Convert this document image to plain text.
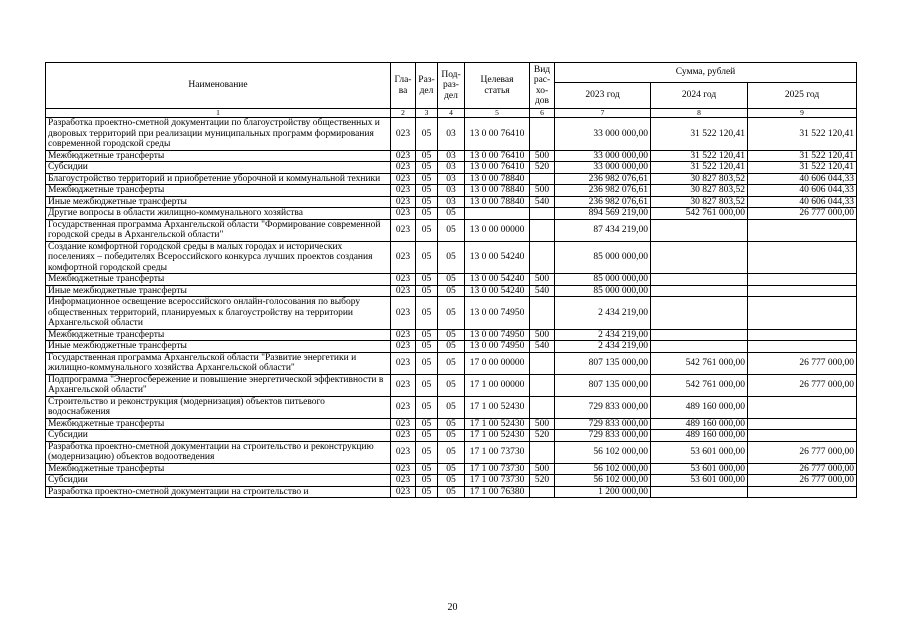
Наименование	Гла-ва	Раз-дел	Под-раз-дел	Целевая статья	Вид рас-хо-дов	Сумма, рублей		
						2023 год	2024 год	2025 год
1	2	3	4	5	6	7	8	9
Разработка проектно-сметной документации по благоустройству общественных и дворовых территорий при реализации муниципальных программ формирования современной городской среды	023	05	03	13 0 00 76410		33 000 000,00	31 522 120,41	31 522 120,41
Межбюджетные трансферты	023	05	03	13 0 00 76410	500	33 000 000,00	31 522 120,41	31 522 120,41
Субсидии	023	05	03	13 0 00 76410	520	33 000 000,00	31 522 120,41	31 522 120,41
Благоустройство территорий и приобретение уборочной и коммунальной техники	023	05	03	13 0 00 78840		236 982 076,61	30 827 803,52	40 606 044,33
Межбюджетные трансферты	023	05	03	13 0 00 78840	500	236 982 076,61	30 827 803,52	40 606 044,33
Иные межбюджетные трансферты	023	05	03	13 0 00 78840	540	236 982 076,61	30 827 803,52	40 606 044,33
Другие вопросы в области жилищно-коммунального хозяйства	023	05	05			894 569 219,00	542 761 000,00	26 777 000,00
Государственная программа Архангельской области "Формирование современной городской среды в Архангельской области"	023	05	05	13 0 00 00000		87 434 219,00		
Создание комфортной городской среды в малых городах и исторических поселениях – победителях Всероссийского конкурса лучших проектов создания комфортной городской среды	023	05	05	13 0 00 54240		85 000 000,00		
Межбюджетные трансферты	023	05	05	13 0 00 54240	500	85 000 000,00		
Иные межбюджетные трансферты	023	05	05	13 0 00 54240	540	85 000 000,00		
Информационное освещение всероссийского онлайн-голосования по выбору общественных территорий, планируемых к благоустройству на территории Архангельской области	023	05	05	13 0 00 74950		2 434 219,00		
Межбюджетные трансферты	023	05	05	13 0 00 74950	500	2 434 219,00		
Иные межбюджетные трансферты	023	05	05	13 0 00 74950	540	2 434 219,00		
Государственная программа Архангельской области "Развитие энергетики и жилищно-коммунального хозяйства Архангельской области"	023	05	05	17 0 00 00000		807 135 000,00	542 761 000,00	26 777 000,00
Подпрограмма "Энергосбережение и повышение энергетической эффективности в Архангельской области"	023	05	05	17 1 00 00000		807 135 000,00	542 761 000,00	26 777 000,00
Строительство и реконструкция (модернизация) объектов питьевого водоснабжения	023	05	05	17 1 00 52430		729 833 000,00	489 160 000,00	
Межбюджетные трансферты	023	05	05	17 1 00 52430	500	729 833 000,00	489 160 000,00	
Субсидии	023	05	05	17 1 00 52430	520	729 833 000,00	489 160 000,00	
Разработка проектно-сметной документации на строительство и реконструкцию (модернизацию) объектов водоотведения	023	05	05	17 1 00 73730		56 102 000,00	53 601 000,00	26 777 000,00
Межбюджетные трансферты	023	05	05	17 1 00 73730	500	56 102 000,00	53 601 000,00	26 777 000,00
Субсидии	023	05	05	17 1 00 73730	520	56 102 000,00	53 601 000,00	26 777 000,00
Разработка проектно-сметной документации на строительство и	023	05	05	17 1 00 76380		1 200 000,00		
20
